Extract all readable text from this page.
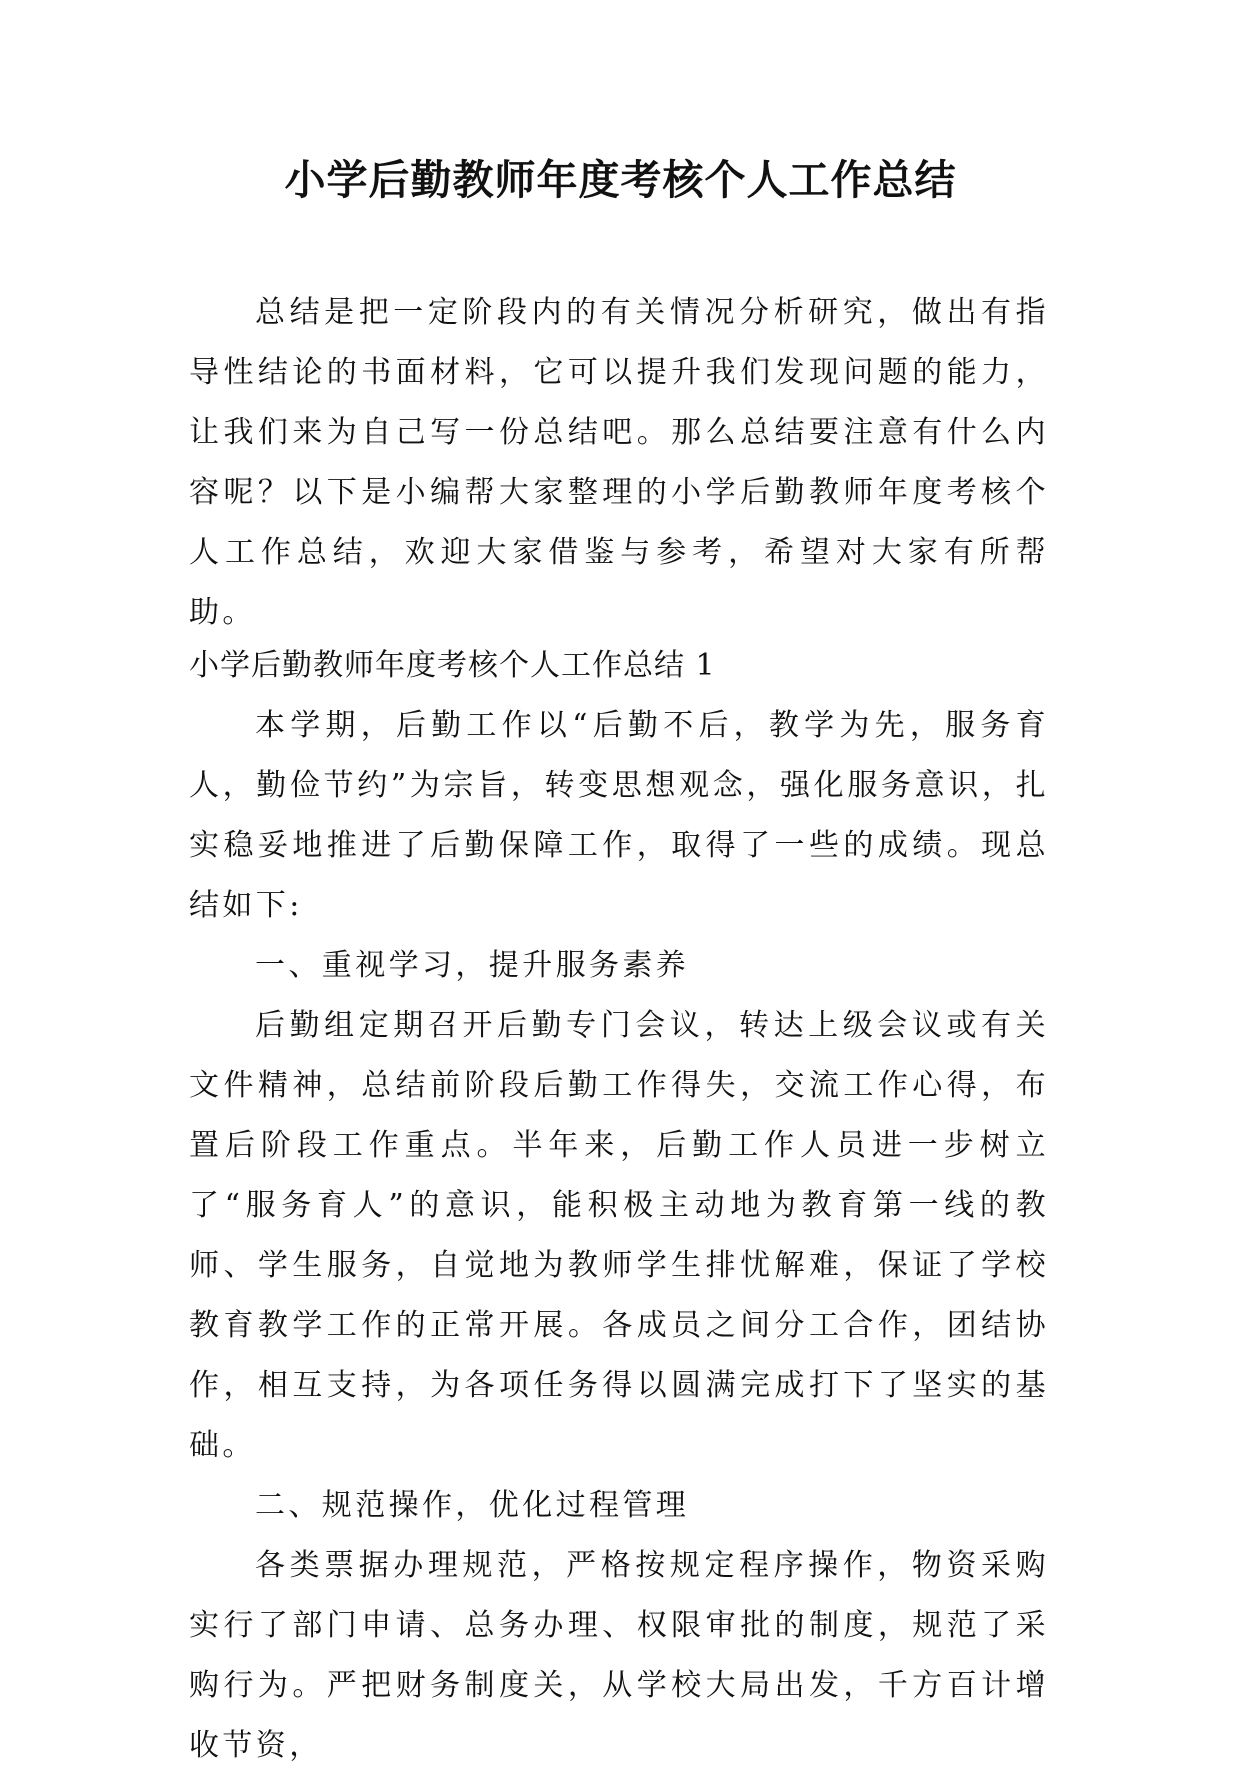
小学后勤教师年度考核个人工作总结

总结是把一定阶段内的有关情况分析研究，做出有指导性结论的书面材料，它可以提升我们发现问题的能力，让我们来为自己写一份总结吧。那么总结要注意有什么内容呢？以下是小编帮大家整理的小学后勤教师年度考核个人工作总结，欢迎大家借鉴与参考，希望对大家有所帮助。

小学后勤教师年度考核个人工作总结 1

本学期，后勤工作以“后勤不后，教学为先，服务育人，勤俭节约”为宗旨，转变思想观念，强化服务意识，扎实稳妥地推进了后勤保障工作，取得了一些的成绩。现总结如下:

一、重视学习，提升服务素养

后勤组定期召开后勤专门会议，转达上级会议或有关文件精神，总结前阶段后勤工作得失，交流工作心得，布置后阶段工作重点。半年来，后勤工作人员进一步树立了“服务育人”的意识，能积极主动地为教育第一线的教师、学生服务，自觉地为教师学生排忧解难，保证了学校教育教学工作的正常开展。各成员之间分工合作，团结协作，相互支持，为各项任务得以圆满完成打下了坚实的基础。

二、规范操作，优化过程管理

各类票据办理规范，严格按规定程序操作，物资采购实行了部门申请、总务办理、权限审批的制度，规范了采购行为。严把财务制度关，从学校大局出发，千方百计增收节资，
